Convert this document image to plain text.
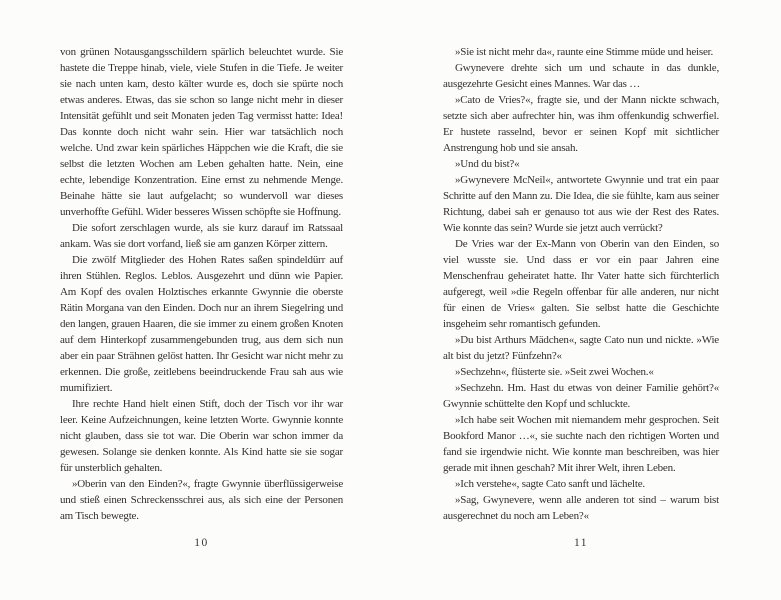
von grünen Notausgangsschildern spärlich beleuchtet wurde. Sie hastete die Treppe hinab, viele, viele Stufen in die Tiefe. Je weiter sie nach unten kam, desto kälter wurde es, doch sie spürte noch etwas anderes. Etwas, das sie schon so lange nicht mehr in dieser Intensität gefühlt und seit Monaten jeden Tag vermisst hatte: Idea! Das konnte doch nicht wahr sein. Hier war tatsächlich noch welche. Und zwar kein spärliches Häppchen wie die Kraft, die sie selbst die letzten Wochen am Leben gehalten hatte. Nein, eine echte, lebendige Konzentration. Eine ernst zu nehmende Menge. Beinahe hätte sie laut aufgelacht; so wundervoll war dieses unverhoffte Gefühl. Wider besseres Wissen schöpfte sie Hoffnung.

Die sofort zerschlagen wurde, als sie kurz darauf im Ratssaal ankam. Was sie dort vorfand, ließ sie am ganzen Körper zittern.

Die zwölf Mitglieder des Hohen Rates saßen spindeldürr auf ihren Stühlen. Reglos. Leblos. Ausgezehrt und dünn wie Papier. Am Kopf des ovalen Holztisches erkannte Gwynnie die oberste Rätin Morgana van den Einden. Doch nur an ihrem Siegelring und den langen, grauen Haaren, die sie immer zu einem großen Knoten auf dem Hinterkopf zusammengebunden trug, aus dem sich nun aber ein paar Strähnen gelöst hatten. Ihr Gesicht war nicht mehr zu erkennen. Die große, zeitlebens beeindruckende Frau sah aus wie mumifiziert.

Ihre rechte Hand hielt einen Stift, doch der Tisch vor ihr war leer. Keine Aufzeichnungen, keine letzten Worte. Gwynnie konnte nicht glauben, dass sie tot war. Die Oberin war schon immer da gewesen. Solange sie denken konnte. Als Kind hatte sie sie sogar für unsterblich gehalten.

»Oberin van den Einden?«, fragte Gwynnie überflüssigerweise und stieß einen Schreckensschrei aus, als sich eine der Personen am Tisch bewegte.

10

»Sie ist nicht mehr da«, raunte eine Stimme müde und heiser.

Gwynevere drehte sich um und schaute in das dunkle, ausgezehrte Gesicht eines Mannes. War das …

»Cato de Vries?«, fragte sie, und der Mann nickte schwach, setzte sich aber aufrechter hin, was ihm offenkundig schwerfiel. Er hustete rasselnd, bevor er seinen Kopf mit sichtlicher Anstrengung hob und sie ansah.

»Und du bist?«

»Gwynevere McNeil«, antwortete Gwynnie und trat ein paar Schritte auf den Mann zu. Die Idea, die sie fühlte, kam aus seiner Richtung, dabei sah er genauso tot aus wie der Rest des Rates. Wie konnte das sein? Wurde sie jetzt auch verrückt?

De Vries war der Ex-Mann von Oberin van den Einden, so viel wusste sie. Und dass er vor ein paar Jahren eine Menschenfrau geheiratet hatte. Ihr Vater hatte sich fürchterlich aufgeregt, weil »die Regeln offenbar für alle anderen, nur nicht für einen de Vries« galten. Sie selbst hatte die Geschichte insgeheim sehr romantisch gefunden.

»Du bist Arthurs Mädchen«, sagte Cato nun und nickte. »Wie alt bist du jetzt? Fünfzehn?«

»Sechzehn«, flüsterte sie. »Seit zwei Wochen.«

»Sechzehn. Hm. Hast du etwas von deiner Familie gehört?« Gwynnie schüttelte den Kopf und schluckte.

»Ich habe seit Wochen mit niemandem mehr gesprochen. Seit Bookford Manor …«, sie suchte nach den richtigen Worten und fand sie irgendwie nicht. Wie konnte man beschreiben, was hier gerade mit ihnen geschah? Mit ihrer Welt, ihren Leben.

»Ich verstehe«, sagte Cato sanft und lächelte.

»Sag, Gwynevere, wenn alle anderen tot sind – warum bist ausgerechnet du noch am Leben?«

11
